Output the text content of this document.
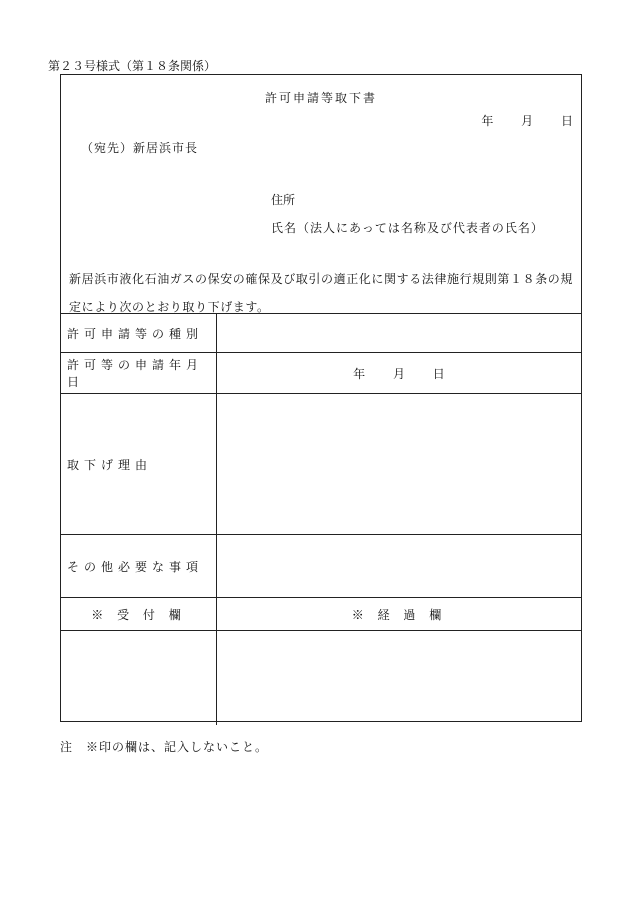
第２３号様式（第１８条関係）
許可申請等取下書
年 月 日
（宛先）新居浜市長
住所
氏名（法人にあっては名称及び代表者の氏名）
新居浜市液化石油ガスの保安の確保及び取引の適正化に関する法律施行規則第１８条の規定により次のとおり取り下げます。
許可申請等の種別	
許可等の申請年月日	年 月 日
取下げ理由	
その他必要な事項	
※ 受 付 欄	※ 経 過 欄

注　※印の欄は、記入しないこと。
